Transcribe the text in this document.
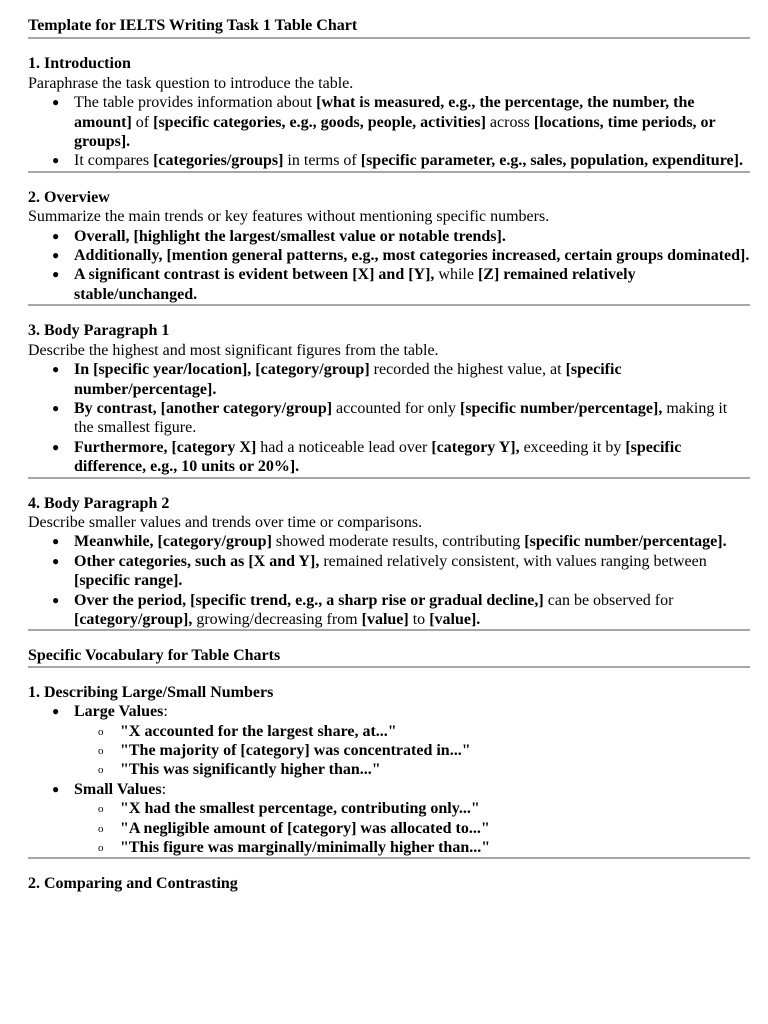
Template for IELTS Writing Task 1 Table Chart
1. Introduction
Paraphrase the task question to introduce the table.
● The table provides information about [what is measured, e.g., the percentage, the number, the amount] of [specific categories, e.g., goods, people, activities] across [locations, time periods, or groups].
● It compares [categories/groups] in terms of [specific parameter, e.g., sales, population, expenditure].
2. Overview
Summarize the main trends or key features without mentioning specific numbers.
● Overall, [highlight the largest/smallest value or notable trends].
● Additionally, [mention general patterns, e.g., most categories increased, certain groups dominated].
● A significant contrast is evident between [X] and [Y], while [Z] remained relatively stable/unchanged.
3. Body Paragraph 1
Describe the highest and most significant figures from the table.
● In [specific year/location], [category/group] recorded the highest value, at [specific number/percentage].
● By contrast, [another category/group] accounted for only [specific number/percentage], making it the smallest figure.
● Furthermore, [category X] had a noticeable lead over [category Y], exceeding it by [specific difference, e.g., 10 units or 20%].
4. Body Paragraph 2
Describe smaller values and trends over time or comparisons.
● Meanwhile, [category/group] showed moderate results, contributing [specific number/percentage].
● Other categories, such as [X and Y], remained relatively consistent, with values ranging between [specific range].
● Over the period, [specific trend, e.g., a sharp rise or gradual decline,] can be observed for [category/group], growing/decreasing from [value] to [value].
Specific Vocabulary for Table Charts
1. Describing Large/Small Numbers
● Large Values:
o "X accounted for the largest share, at..."
o "The majority of [category] was concentrated in..."
o "This was significantly higher than..."
● Small Values:
o "X had the smallest percentage, contributing only..."
o "A negligible amount of [category] was allocated to..."
o "This figure was marginally/minimally higher than..."
2. Comparing and Contrasting
